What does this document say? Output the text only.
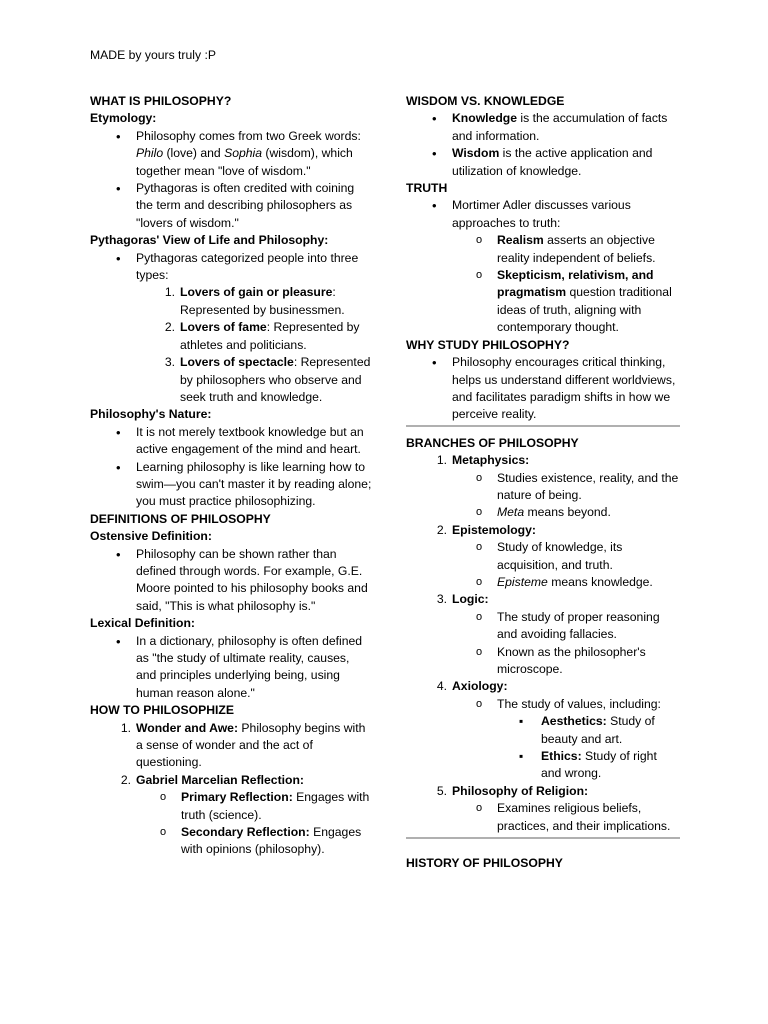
MADE by yours truly :P
WHAT IS PHILOSOPHY?
Etymology:
• Philosophy comes from two Greek words: Philo (love) and Sophia (wisdom), which together mean "love of wisdom."
• Pythagoras is often credited with coining the term and describing philosophers as "lovers of wisdom."
Pythagoras' View of Life and Philosophy:
• Pythagoras categorized people into three types:
1. Lovers of gain or pleasure: Represented by businessmen.
2. Lovers of fame: Represented by athletes and politicians.
3. Lovers of spectacle: Represented by philosophers who observe and seek truth and knowledge.
Philosophy's Nature:
• It is not merely textbook knowledge but an active engagement of the mind and heart.
• Learning philosophy is like learning how to swim—you can't master it by reading alone; you must practice philosophizing.
DEFINITIONS OF PHILOSOPHY
Ostensive Definition:
• Philosophy can be shown rather than defined through words. For example, G.E. Moore pointed to his philosophy books and said, "This is what philosophy is."
Lexical Definition:
• In a dictionary, philosophy is often defined as "the study of ultimate reality, causes, and principles underlying being, using human reason alone."
HOW TO PHILOSOPHIZE
1. Wonder and Awe: Philosophy begins with a sense of wonder and the act of questioning.
2. Gabriel Marcelian Reflection:
o Primary Reflection: Engages with truth (science).
o Secondary Reflection: Engages with opinions (philosophy).
WISDOM VS. KNOWLEDGE
• Knowledge is the accumulation of facts and information.
• Wisdom is the active application and utilization of knowledge.
TRUTH
• Mortimer Adler discusses various approaches to truth:
o Realism asserts an objective reality independent of beliefs.
o Skepticism, relativism, and pragmatism question traditional ideas of truth, aligning with contemporary thought.
WHY STUDY PHILOSOPHY?
• Philosophy encourages critical thinking, helps us understand different worldviews, and facilitates paradigm shifts in how we perceive reality.
BRANCHES OF PHILOSOPHY
1. Metaphysics:
o Studies existence, reality, and the nature of being.
o Meta means beyond.
2. Epistemology:
o Study of knowledge, its acquisition, and truth.
o Episteme means knowledge.
3. Logic:
o The study of proper reasoning and avoiding fallacies.
o Known as the philosopher's microscope.
4. Axiology:
o The study of values, including:
▪ Aesthetics: Study of beauty and art.
▪ Ethics: Study of right and wrong.
5. Philosophy of Religion:
o Examines religious beliefs, practices, and their implications.
HISTORY OF PHILOSOPHY
